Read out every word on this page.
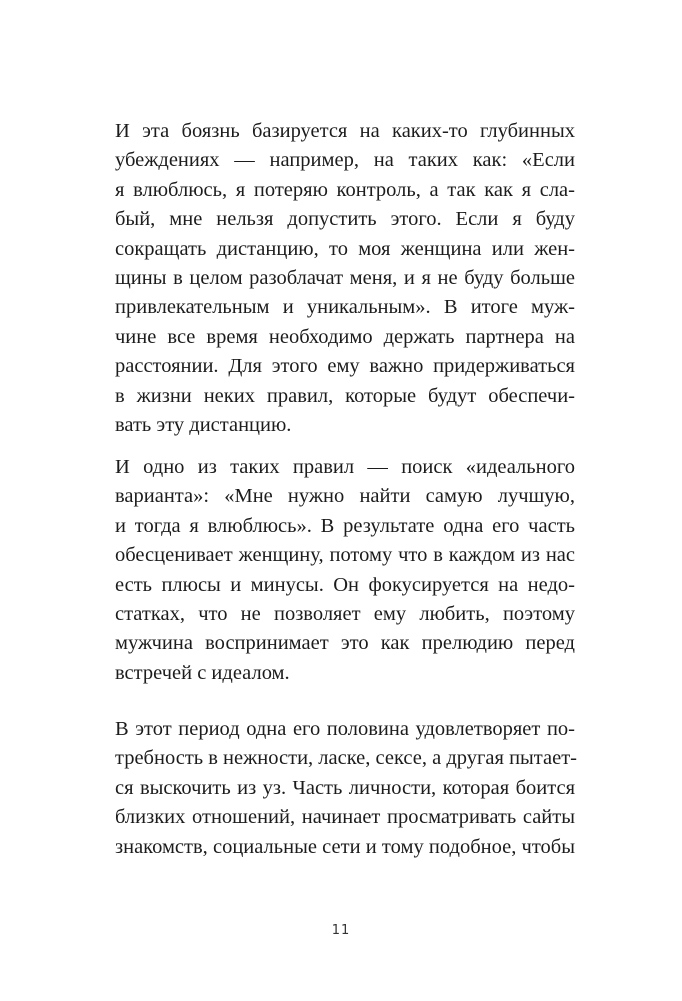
И эта боязнь базируется на каких-то глубинных
убеждениях — например, на таких как: «Если
я влюблюсь, я потеряю контроль, а так как я сла-
бый, мне нельзя допустить этого. Если я буду
сокращать дистанцию, то моя женщина или жен-
щины в целом разоблачат меня, и я не буду больше
привлекательным и уникальным». В итоге муж-
чине все время необходимо держать партнера на
расстоянии. Для этого ему важно придерживаться
в жизни неких правил, которые будут обеспечи-
вать эту дистанцию.
И одно из таких правил — поиск «идеального
варианта»: «Мне нужно найти самую лучшую,
и тогда я влюблюсь». В результате одна его часть
обесценивает женщину, потому что в каждом из нас
есть плюсы и минусы. Он фокусируется на недо-
статках, что не позволяет ему любить, поэтому
мужчина воспринимает это как прелюдию перед
встречей с идеалом.
В этот период одна его половина удовлетворяет по-
требность в нежности, ласке, сексе, а другая пытает-
ся выскочить из уз. Часть личности, которая боится
близких отношений, начинает просматривать сайты
знакомств, социальные сети и тому подобное, чтобы
11
